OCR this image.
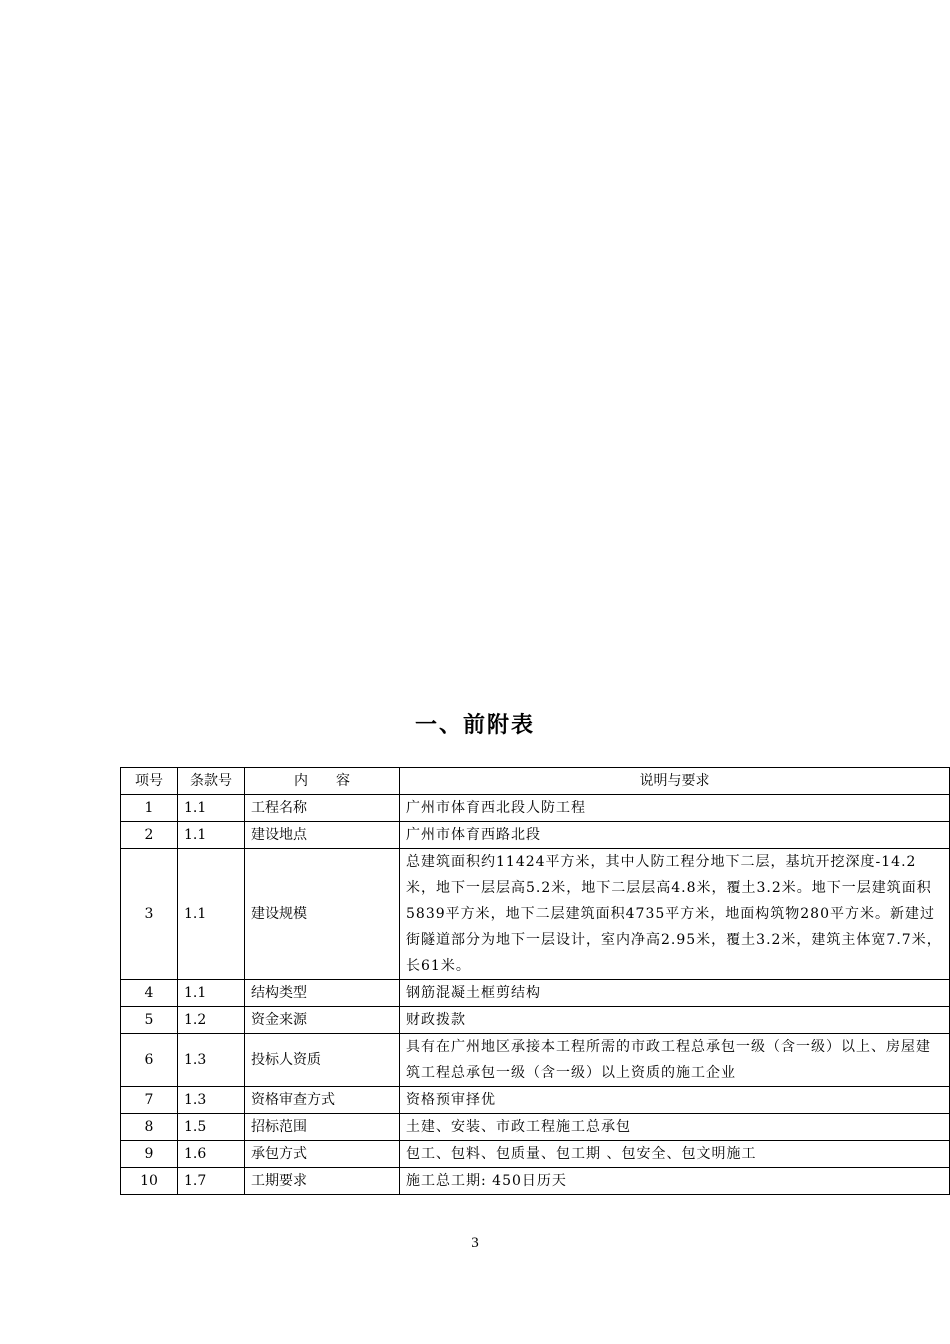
一、前附表
项号	条款号	内　　容	说明与要求
1	1.1	工程名称	广州市体育西北段人防工程
2	1.1	建设地点	广州市体育西路北段
3	1.1	建设规模	总建筑面积约11424平方米，其中人防工程分地下二层，基坑开挖深度-14.2米，地下一层层高5.2米，地下二层层高4.8米，覆土3.2米。地下一层建筑面积5839平方米，地下二层建筑面积4735平方米，地面构筑物280平方米。新建过街隧道部分为地下一层设计，室内净高2.95米，覆土3.2米，建筑主体宽7.7米，长61米。
4	1.1	结构类型	钢筋混凝土框剪结构
5	1.2	资金来源	财政拨款
6	1.3	投标人资质	具有在广州地区承接本工程所需的市政工程总承包一级（含一级）以上、房屋建筑工程总承包一级（含一级）以上资质的施工企业
7	1.3	资格审查方式	资格预审择优
8	1.5	招标范围	土建、安装、市政工程施工总承包
9	1.6	承包方式	包工、包料、包质量、包工期 、包安全、包文明施工
10	1.7	工期要求	施工总工期: 450日历天
3
